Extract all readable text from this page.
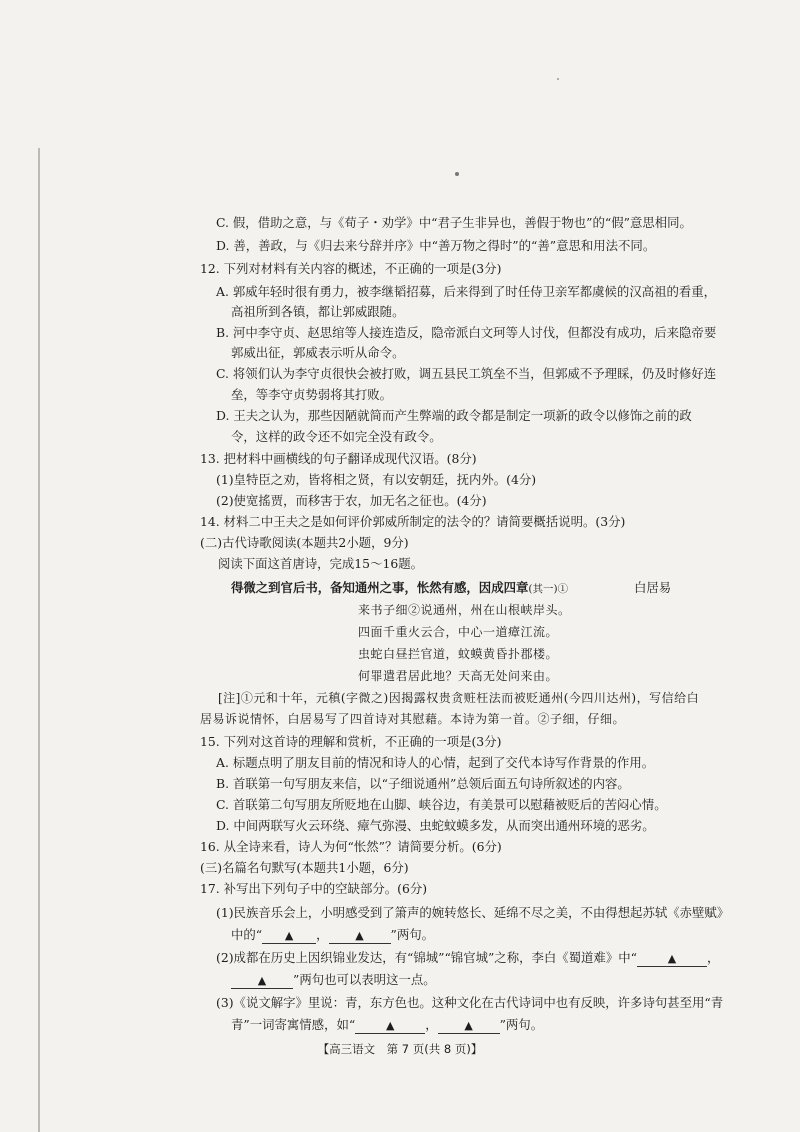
C. 假，借助之意，与《荀子・劝学》中“君子生非异也，善假于物也”的“假”意思相同。
D. 善，善政，与《归去来兮辞并序》中“善万物之得时”的“善”意思和用法不同。
12. 下列对材料有关内容的概述，不正确的一项是(3分)
A. 郭威年轻时很有勇力，被李继韬招募，后来得到了时任侍卫亲军都虞候的汉高祖的看重，
高祖所到各镇，都让郭威跟随。
B. 河中李守贞、赵思绾等人接连造反，隐帝派白文珂等人讨伐，但都没有成功，后来隐帝要
郭威出征，郭威表示听从命令。
C. 将领们认为李守贞很快会被打败，调五县民工筑垒不当，但郭威不予理睬，仍及时修好连
垒，等李守贞势弱将其打败。
D. 王夫之认为，那些因陋就简而产生弊端的政令都是制定一项新的政令以修饰之前的政
令，这样的政令还不如完全没有政令。
13. 把材料中画横线的句子翻译成现代汉语。(8分)
(1)皇特臣之劝，皆将相之贤，有以安朝廷，抚内外。(4分)
(2)使宽搖贾，而移害于农，加无名之征也。(4分)
14. 材料二中王夫之是如何评价郭威所制定的法令的？请简要概括说明。(3分)
(二)古代诗歌阅读(本题共2小题，9分)
阅读下面这首唐诗，完成15～16题。
得微之到官后书，备知通州之事，怅然有感，因成四章(其一)①	白居易
来书子细②说通州，州在山根峡岸头。
四面千重火云合，中心一道瘴江流。
虫蛇白昼拦官道，蚊蟆黄昏扑郡楼。
何罪遣君居此地？天高无处问来由。
[注]①元和十年，元稹(字微之)因揭露权贵贪赃枉法而被贬通州(今四川达州)，写信给白
居易诉说情怀，白居易写了四首诗对其慰藉。本诗为第一首。②子细，仔细。
15. 下列对这首诗的理解和赏析，不正确的一项是(3分)
A. 标题点明了朋友目前的情况和诗人的心情，起到了交代本诗写作背景的作用。
B. 首联第一句写朋友来信，以“子细说通州”总领后面五句诗所叙述的内容。
C. 首联第二句写朋友所贬地在山脚、峡谷边，有美景可以慰藉被贬后的苦闷心情。
D. 中间两联写火云环绕、瘴气弥漫、虫蛇蚊蟆多发，从而突出通州环境的恶劣。
16. 从全诗来看，诗人为何“怅然”？请简要分析。(6分)
(三)名篇名句默写(本题共1小题，6分)
17. 补写出下列句子中的空缺部分。(6分)
(1)民族音乐会上，小明感受到了箫声的婉转悠长、延绵不尽之美，不由得想起苏轼《赤壁赋》
中的“ ▲ ， ▲ ”两句。
(2)成都在历史上因织锦业发达，有“锦城”“锦官城”之称，李白《蜀道难》中“	▲ ，
▲ ”两句也可以表明这一点。
(3)《说文解字》里说：青，东方色也。这种文化在古代诗词中也有反映，许多诗句甚至用“青
青”一词寄寓情感，如“	▲ ， ▲ ”两句。
【高三语文　第 7 页(共 8 页)】
